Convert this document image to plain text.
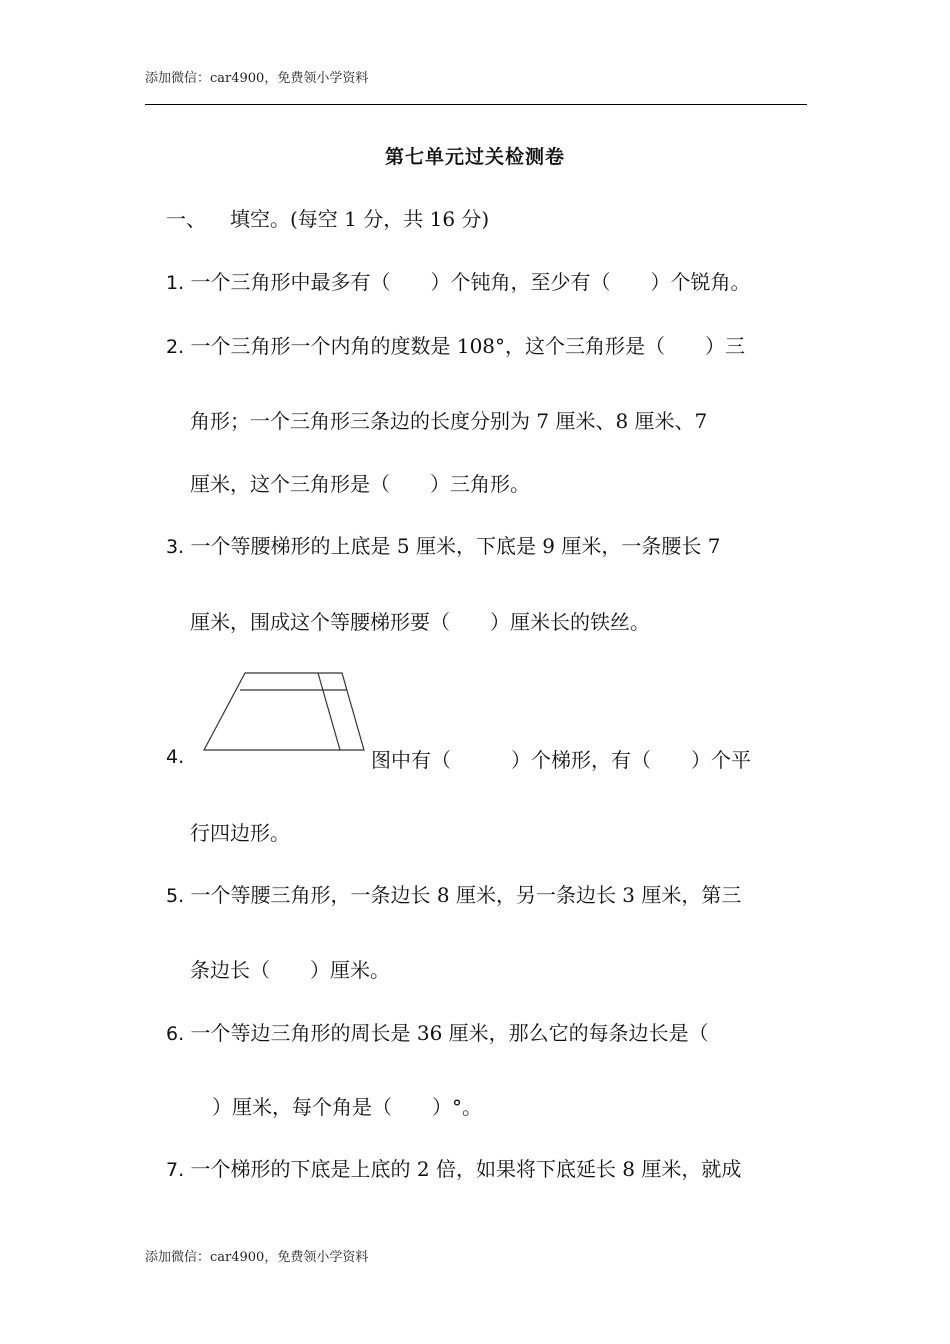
添加微信：car4900，免费领小学资料
第七单元过关检测卷
一、 填空。(每空 1 分，共 16 分)
1. 一个三角形中最多有（　　）个钝角，至少有（　　）个锐角。
2. 一个三角形一个内角的度数是 108°，这个三角形是（　　）三
角形；一个三角形三条边的长度分别为 7 厘米、8 厘米、7
厘米，这个三角形是（　　）三角形。
3. 一个等腰梯形的上底是 5 厘米，下底是 9 厘米，一条腰长 7
厘米，围成这个等腰梯形要（　　）厘米长的铁丝。
4.	图中有（　　　）个梯形，有（　　）个平
行四边形。
5. 一个等腰三角形，一条边长 8 厘米，另一条边长 3 厘米，第三
条边长（　　）厘米。
6. 一个等边三角形的周长是 36 厘米，那么它的每条边长是（
）厘米，每个角是（　　）°。
7. 一个梯形的下底是上底的 2 倍，如果将下底延长 8 厘米，就成
添加微信：car4900，免费领小学资料
